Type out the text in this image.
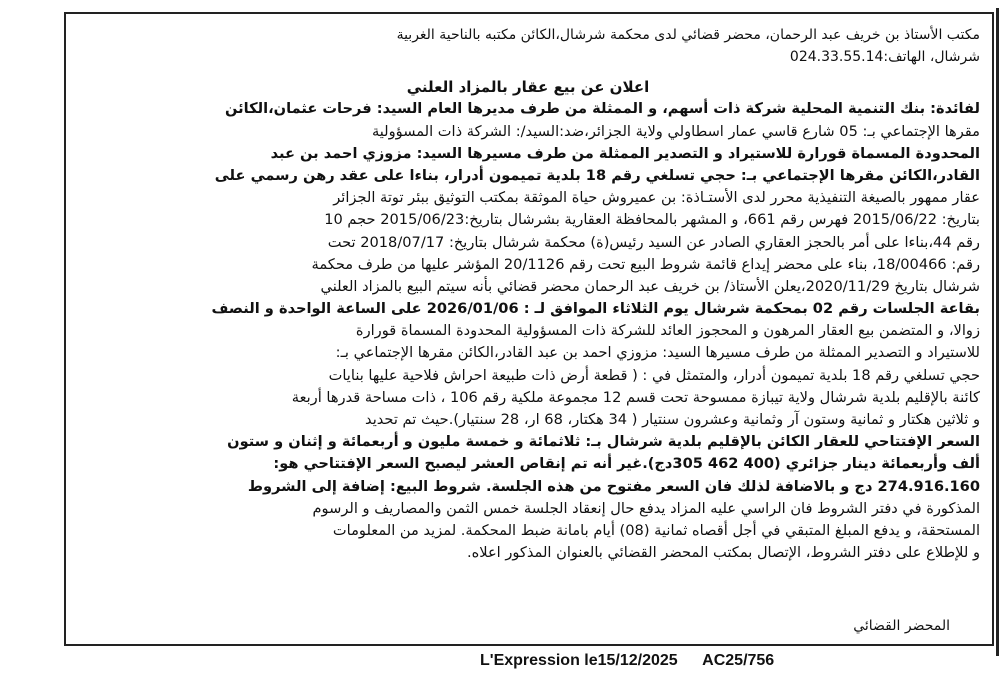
مكتب الأستاذ بن خريف عبد الرحمان، محضر قضائي لدى محكمة شرشال،الكائن مكتبه بالناحية الغربية
شرشال، الهاتف:024.33.55.14
اعلان عن بيع عقار بالمزاد العلني
لفائدة: بنك التنمية المحلية شركة ذات أسهم، و الممثلة من طرف مديرها العام السيد: فرحات عثمان،الكائن
مقرها الإجتماعي بـ: 05 شارع قاسي عمار اسطاولي ولاية الجزائر،ضد:السيد/: الشركة ذات المسؤولية
المحدودة المسماة قورارة للاستيراد و التصدير الممثلة من طرف مسيرها السيد: مزوزي احمد بن عبد
القادر،الكائن مقرها الإجتماعي بـ: حجي تسلغي رقم 18 بلدية تميمون أدرار، بناءا على عقد رهن رسمي على
عقار ممهور بالصيغة التنفيذية محرر لدى الأستـاذة: بن عميروش حياة الموثقة بمكتب التوثيق ببئر توتة الجزائر
بتاريخ: 2015/06/22 فهرس رقم 661، و المشهر بالمحافظة العقارية بشرشال بتاريخ:2015/06/23 حجم 10
رقم 44،بناءا على أمر بالحجز العقاري الصادر عن السيد رئيس(ة) محكمة شرشال بتاريخ: 2018/07/17 تحت
رقم: 18/00466، بناء على محضر إيداع قائمة شروط البيع تحت رقم 20/1126 المؤشر عليها من طرف محكمة
شرشال بتاريخ 2020/11/29،يعلن الأستاذ/ بن خريف عبد الرحمان محضر قضائي بأنه سيتم البيع بالمزاد العلني
بقاعة الجلسات رقم 02 بمحكمة شرشال يوم الثلاثاء الموافق لـ : 2026/01/06 على الساعة الواحدة و النصف
زوالا، و المتضمن بيع العقار المرهون و المحجوز العائد للشركة ذات المسؤولية المحدودة المسماة قورارة
للاستيراد و التصدير الممثلة من طرف مسيرها السيد: مزوزي احمد بن عبد القادر،الكائن مقرها الإجتماعي بـ:
حجي تسلغي رقم 18 بلدية تميمون أدرار، والمتمثل في : ( قطعة أرض ذات طبيعة احراش فلاحية عليها بنايات
كائنة بالإقليم بلدية شرشال ولاية تيبازة ممسوحة تحت قسم 12 مجموعة ملكية رقم 106 ، ذات مساحة قدرها أربعة
و ثلاثين هكتار و ثمانية وستون آر وثمانية وعشرون سنتيار ( 34 هكتار، 68 ار، 28 سنتيار).حيث تم تحديد
السعر الإفتتاحي للعقار الكائن بالإقليم بلدية شرشال بـ: ثلاثمائة و خمسة مليون و أربعمائة و إثنان و ستون
ألف وأربعمائة دينار جزائري (400 462 305دج).غير أنه تم إنقاص العشر ليصبح السعر الإفتتاحي هو:
274.916.160 دج و بالاضافة لذلك فان السعر مفتوح من هذه الجلسة. شروط البيع: إضافة إلى الشروط
المذكورة في دفتر الشروط فان الراسي عليه المزاد يدفع حال إنعقاد الجلسة خمس الثمن والمصاريف و الرسوم
المستحقة، و يدفع المبلغ المتبقي في أجل أقصاه ثمانية (08) أيام بامانة ضبط المحكمة. لمزيد من المعلومات
و للإطلاع على دفتر الشروط، الإتصال بمكتب المحضر القضائي بالعنوان المذكور اعلاه.
المحضر القضائي
L'Expression le15/12/2025 AC25/756
